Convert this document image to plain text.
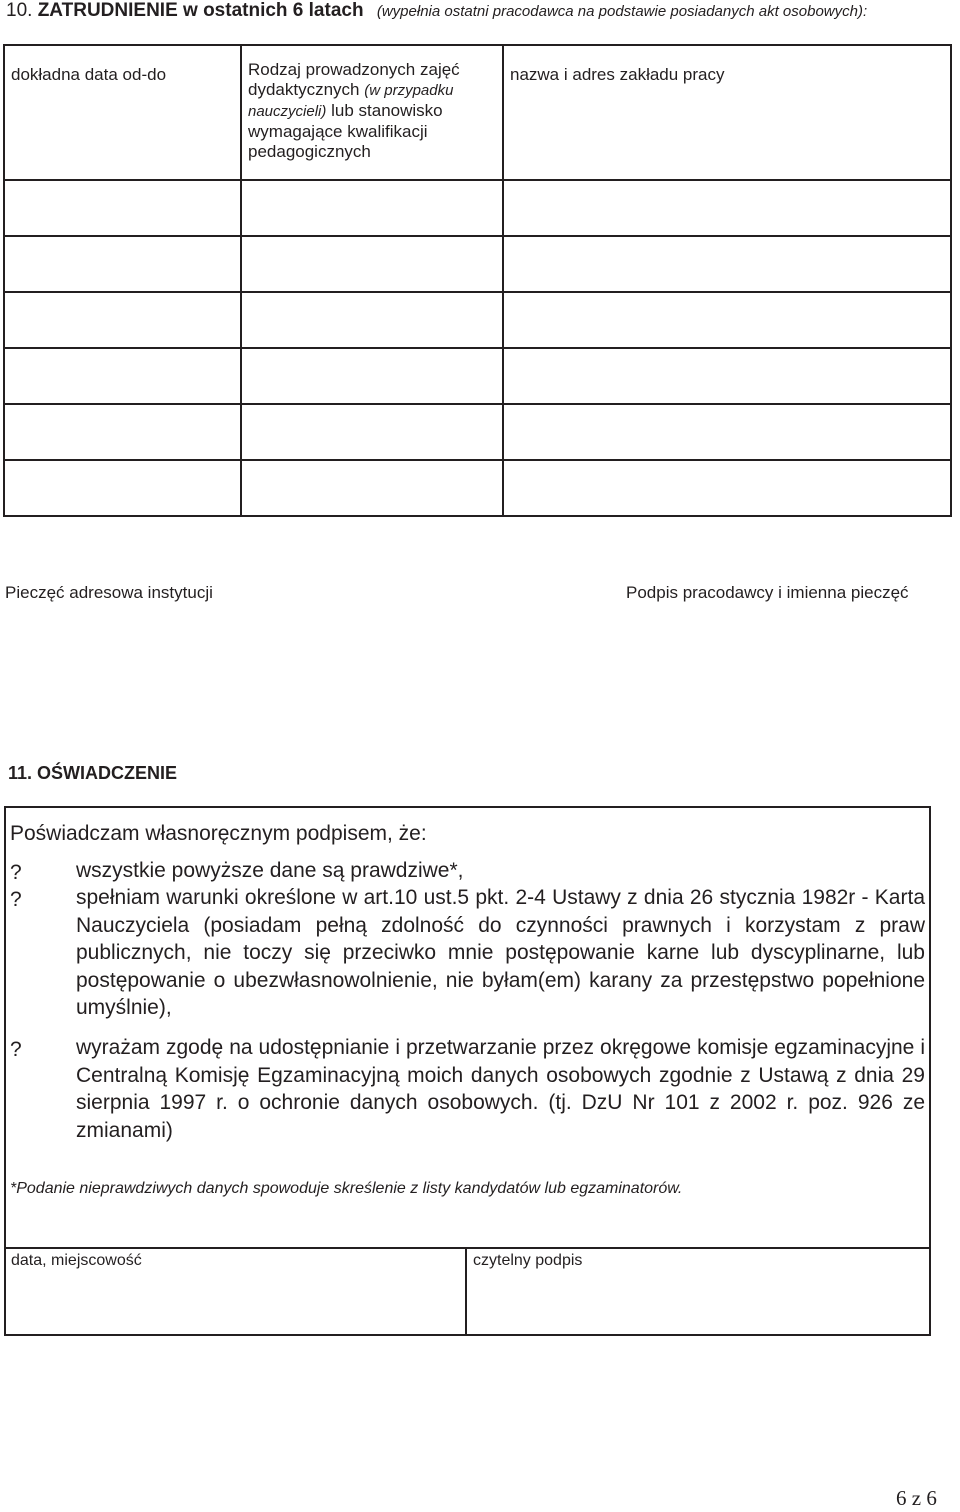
10. ZATRUDNIENIE w ostatnich 6 latach (wypełnia ostatni pracodawca na podstawie posiadanych akt osobowych):
dokładna data od-do	Rodzaj prowadzonych zajęć dydaktycznych (w przypadku nauczycieli) lub stanowisko wymagające kwalifikacji pedagogicznych	nazwa i adres zakładu pracy

Pieczęć adresowa instytucji	Podpis pracodawcy i imienna pieczęć
11. OŚWIADCZENIE
Poświadczam własnoręcznym podpisem, że:
?	wszystkie powyższe dane są prawdziwe*,
?	spełniam warunki określone w art.10 ust.5 pkt. 2-4 Ustawy z dnia 26 stycznia 1982r - Karta Nauczyciela (posiadam pełną zdolność do czynności prawnych i korzystam z praw publicznych, nie toczy się przeciwko mnie postępowanie karne lub dyscyplinarne, lub postępowanie o ubezwłasnowolnienie, nie byłam(em) karany za przestępstwo popełnione umyślnie),
?	wyrażam zgodę na udostępnianie i przetwarzanie przez okręgowe komisje egzaminacyjne i Centralną Komisję Egzaminacyjną moich danych osobowych zgodnie z Ustawą z dnia 29 sierpnia 1997 r. o ochronie danych osobowych. (tj. DzU Nr 101 z 2002 r. poz. 926 ze zmianami)
*Podanie nieprawdziwych danych spowoduje skreślenie z listy kandydatów lub egzaminatorów.
data, miejscowość	czytelny podpis
6 z 6
